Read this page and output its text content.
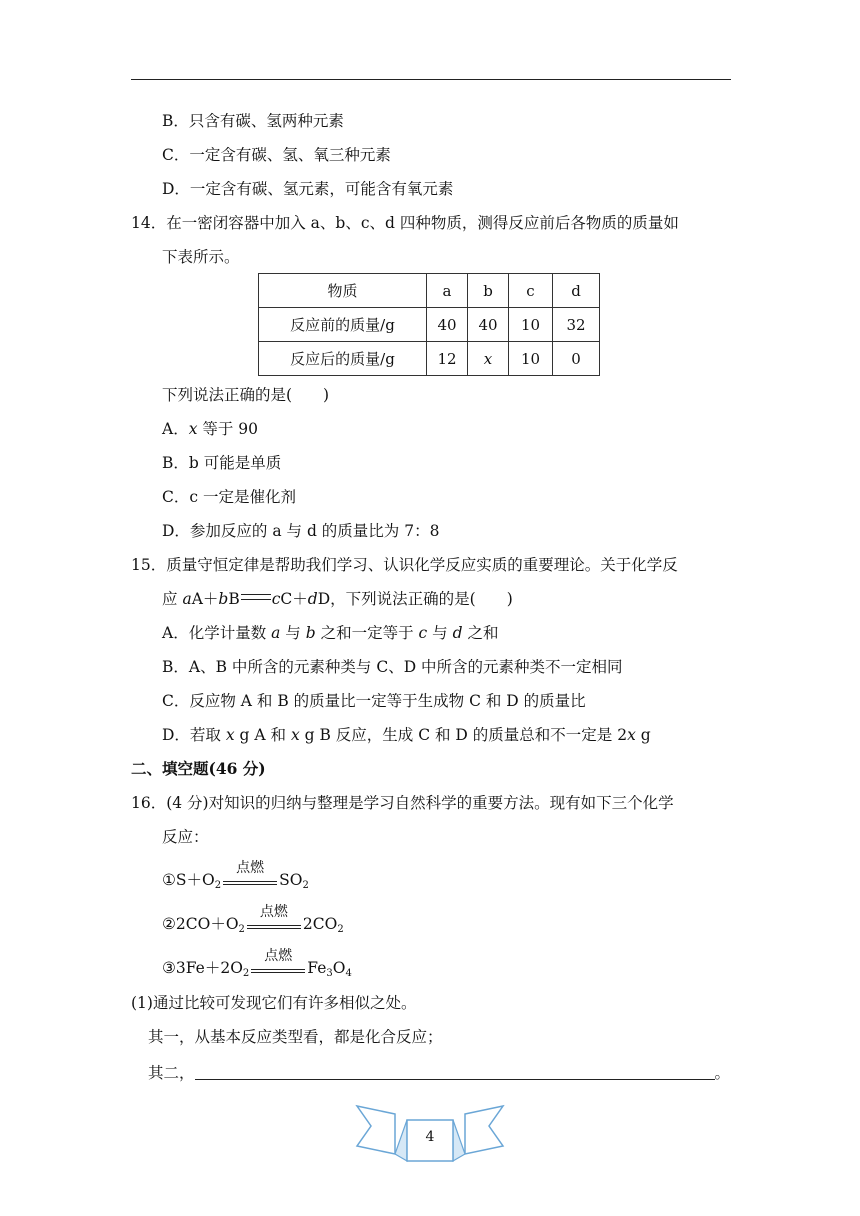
B．只含有碳、氢两种元素
C．一定含有碳、氢、氧三种元素
D．一定含有碳、氢元素，可能含有氧元素
14．在一密闭容器中加入 a、b、c、d 四种物质，测得反应前后各物质的质量如
下表所示。
物质	a	b	c	d
反应前的质量/g	40	40	10	32
反应后的质量/g	12	x	10	0
下列说法正确的是(　　)
A．x 等于 90
B．b 可能是单质
C．c 一定是催化剂
D．参加反应的 a 与 d 的质量比为 7：8
15．质量守恒定律是帮助我们学习、认识化学反应实质的重要理论。关于化学反
应 aA＋bB cC＋dD，下列说法正确的是(　　)
A．化学计量数 a 与 b 之和一定等于 c 与 d 之和
B．A、B 中所含的元素种类与 C、D 中所含的元素种类不一定相同
C．反应物 A 和 B 的质量比一定等于生成物 C 和 D 的质量比
D．若取 x g A 和 x g B 反应，生成 C 和 D 的质量总和不一定是 2x g
二、填空题(46 分)
16．(4 分)对知识的归纳与整理是学习自然科学的重要方法。现有如下三个化学
反应：
$①S+O_2$
点燃
$SO_2$
$②2CO+O_2$
点燃
$2CO_2$
$③3Fe+2O_2$
点燃
$Fe_3O_4$
(1)通过比较可发现它们有许多相似之处。
其一，从基本反应类型看，都是化合反应；
其二，	。
4
